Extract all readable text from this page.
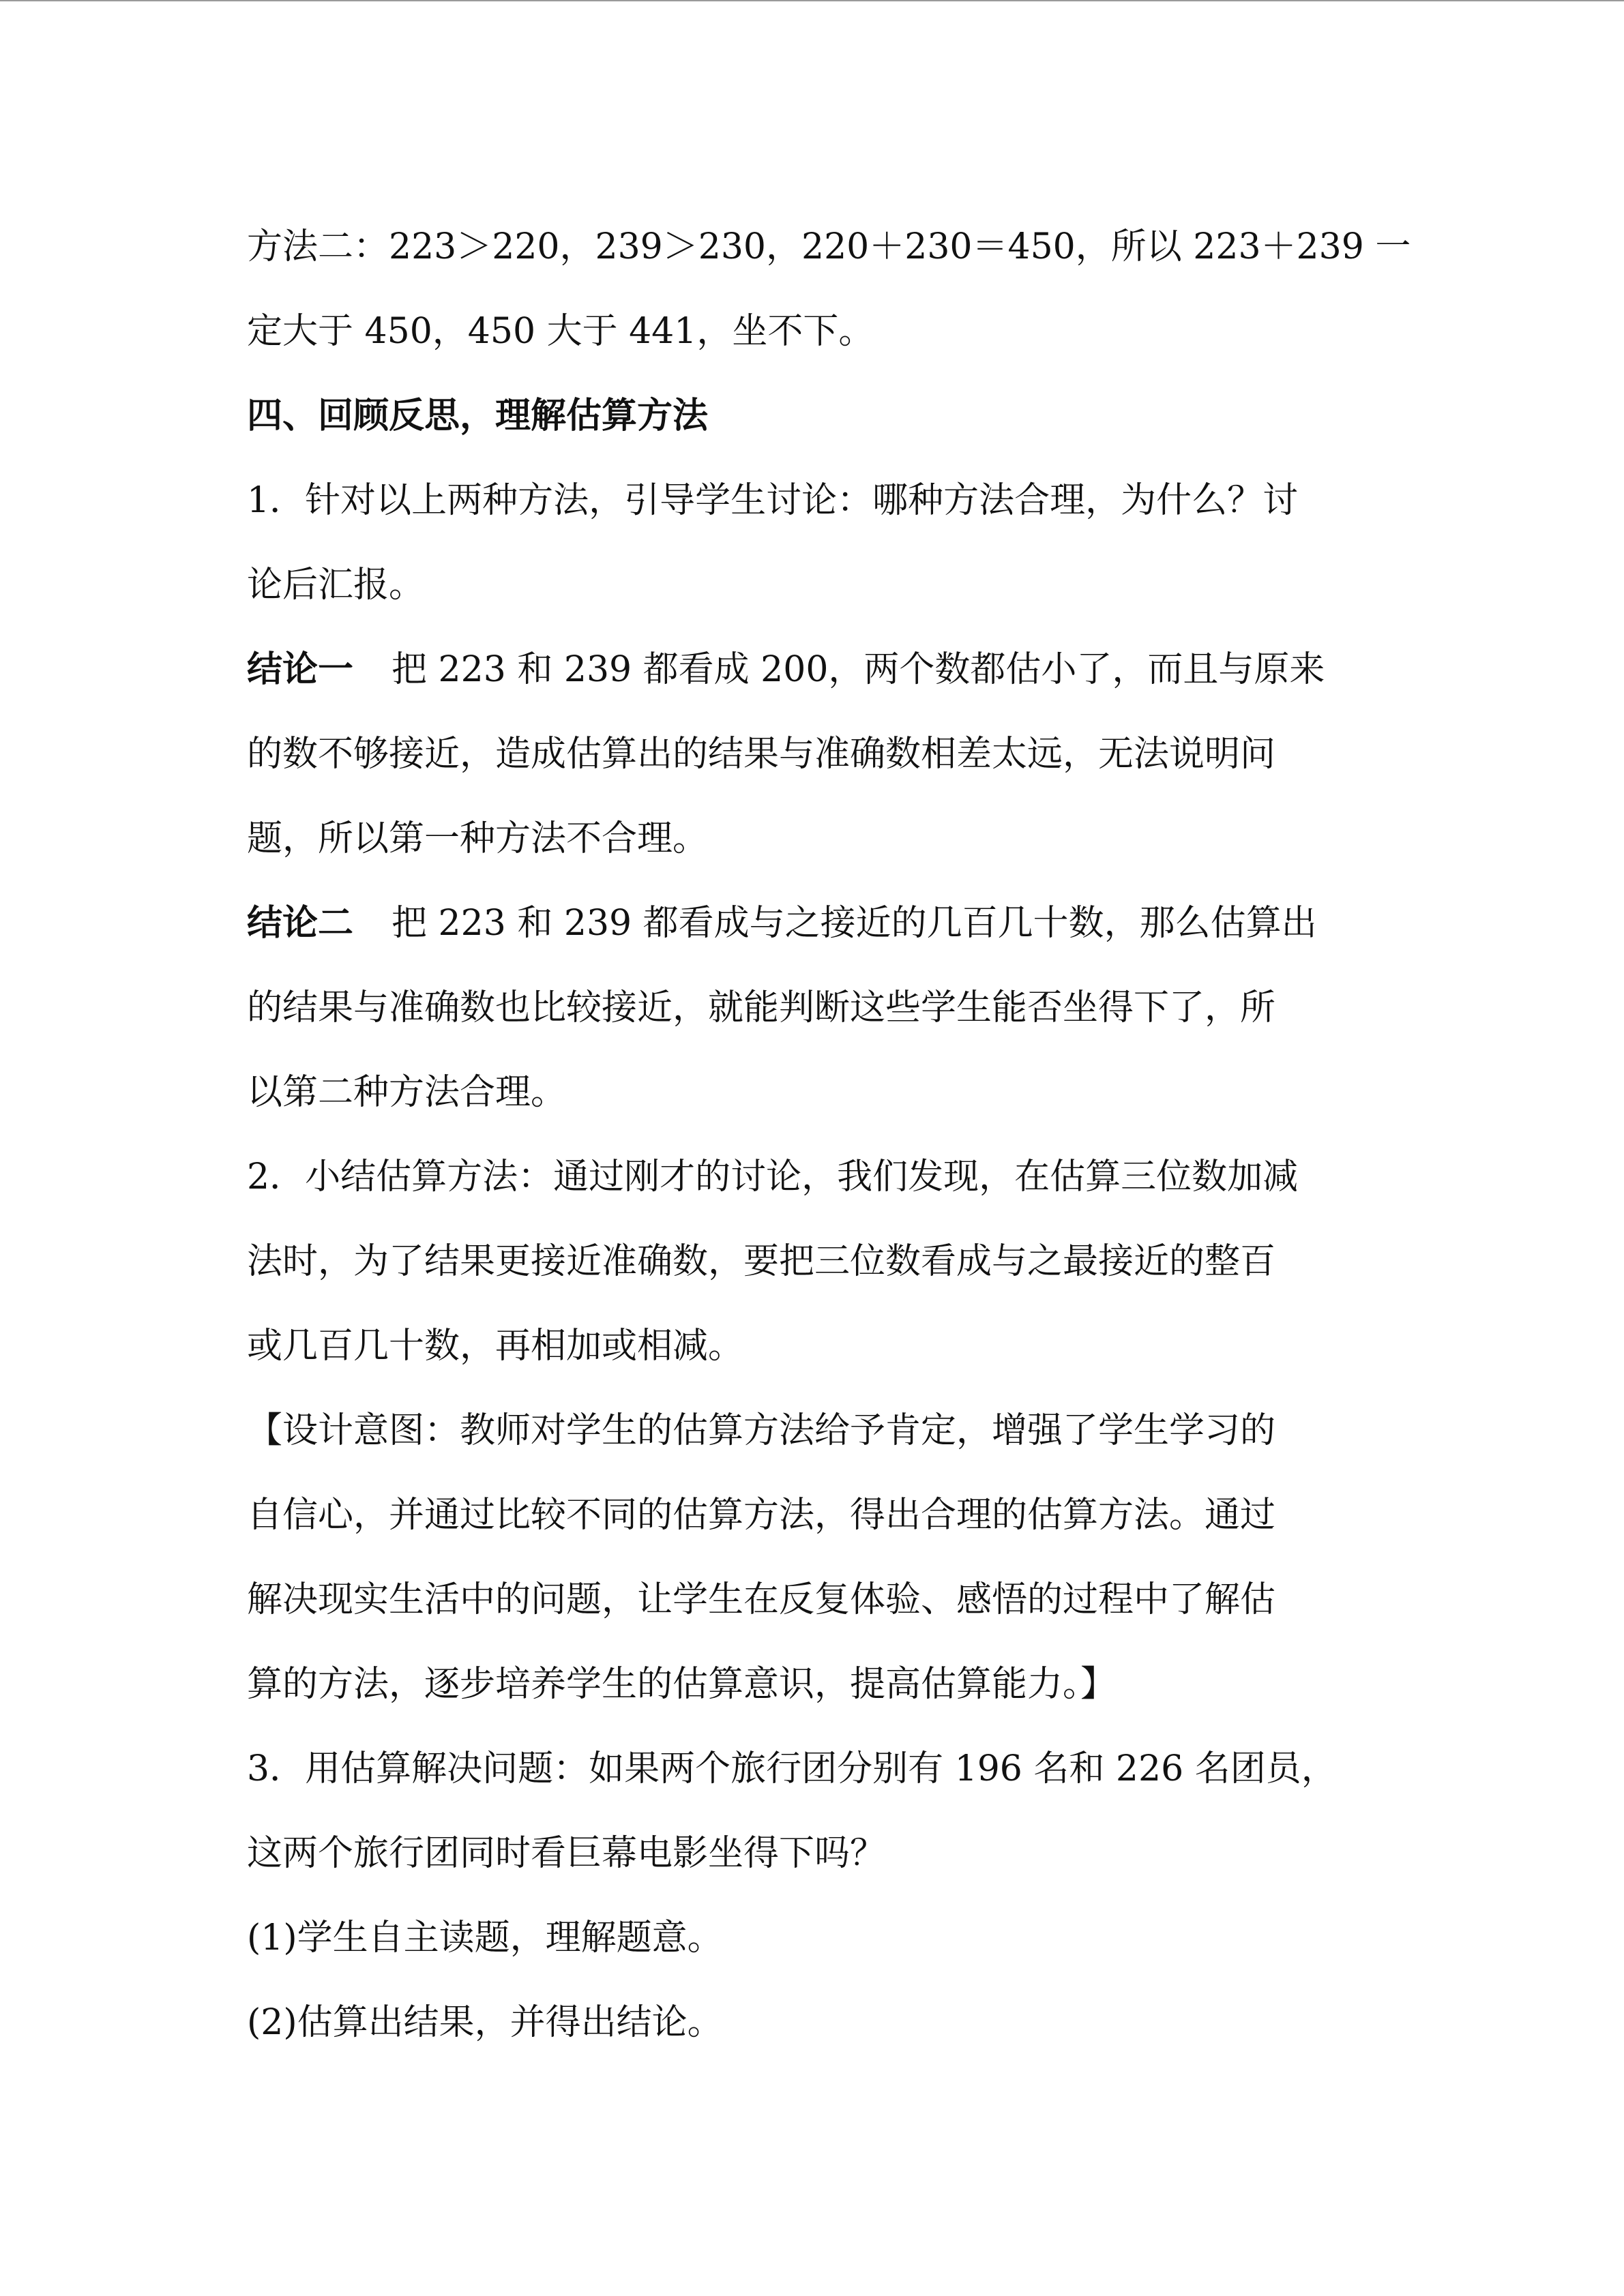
方法二：223＞220，239＞230，220＋230＝450，所以 223＋239 一
定大于 450，450 大于 441，坐不下。
四、回顾反思，理解估算方法
1．针对以上两种方法，引导学生讨论：哪种方法合理，为什么？讨
论后汇报。
结论一 把 223 和 239 都看成 200，两个数都估小了，而且与原来
的数不够接近，造成估算出的结果与准确数相差太远，无法说明问
题，所以第一种方法不合理。
结论二 把 223 和 239 都看成与之接近的几百几十数，那么估算出
的结果与准确数也比较接近，就能判断这些学生能否坐得下了，所
以第二种方法合理。
2．小结估算方法：通过刚才的讨论，我们发现，在估算三位数加减
法时，为了结果更接近准确数，要把三位数看成与之最接近的整百
或几百几十数，再相加或相减。
【设计意图：教师对学生的估算方法给予肯定，增强了学生学习的
自信心，并通过比较不同的估算方法，得出合理的估算方法。通过
解决现实生活中的问题，让学生在反复体验、感悟的过程中了解估
算的方法，逐步培养学生的估算意识，提高估算能力。】
3．用估算解决问题：如果两个旅行团分别有 196 名和 226 名团员，
这两个旅行团同时看巨幕电影坐得下吗？
(1)学生自主读题，理解题意。
(2)估算出结果，并得出结论。
